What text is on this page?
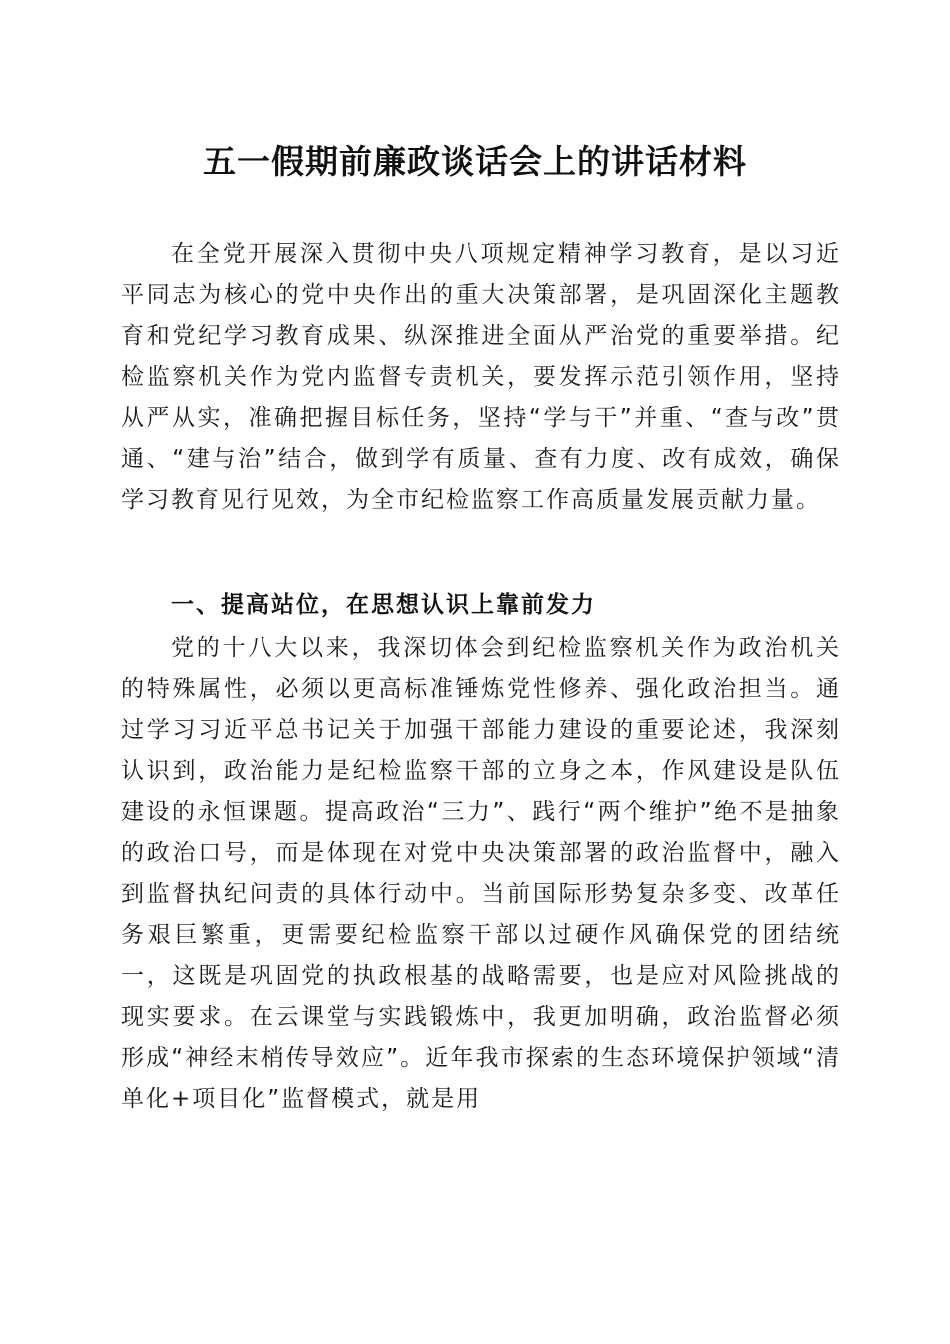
五一假期前廉政谈话会上的讲话材料

在全党开展深入贯彻中央八项规定精神学习教育，是以习近平同志为核心的党中央作出的重大决策部署，是巩固深化主题教育和党纪学习教育成果、纵深推进全面从严治党的重要举措。纪检监察机关作为党内监督专责机关，要发挥示范引领作用，坚持从严从实，准确把握目标任务，坚持“学与干”并重、“查与改”贯通、“建与治”结合，做到学有质量、查有力度、改有成效，确保学习教育见行见效，为全市纪检监察工作高质量发展贡献力量。

一、提高站位，在思想认识上靠前发力

党的十八大以来，我深切体会到纪检监察机关作为政治机关的特殊属性，必须以更高标准锤炼党性修养、强化政治担当。通过学习习近平总书记关于加强干部能力建设的重要论述，我深刻认识到，政治能力是纪检监察干部的立身之本，作风建设是队伍建设的永恒课题。提高政治“三力”、践行“两个维护”绝不是抽象的政治口号，而是体现在对党中央决策部署的政治监督中，融入到监督执纪问责的具体行动中。当前国际形势复杂多变、改革任务艰巨繁重，更需要纪检监察干部以过硬作风确保党的团结统一，这既是巩固党的执政根基的战略需要，也是应对风险挑战的现实要求。在云课堂与实践锻炼中，我更加明确，政治监督必须形成“神经末梢传导效应”。近年我市探索的生态环境保护领域“清单化+项目化”监督模式，就是用
